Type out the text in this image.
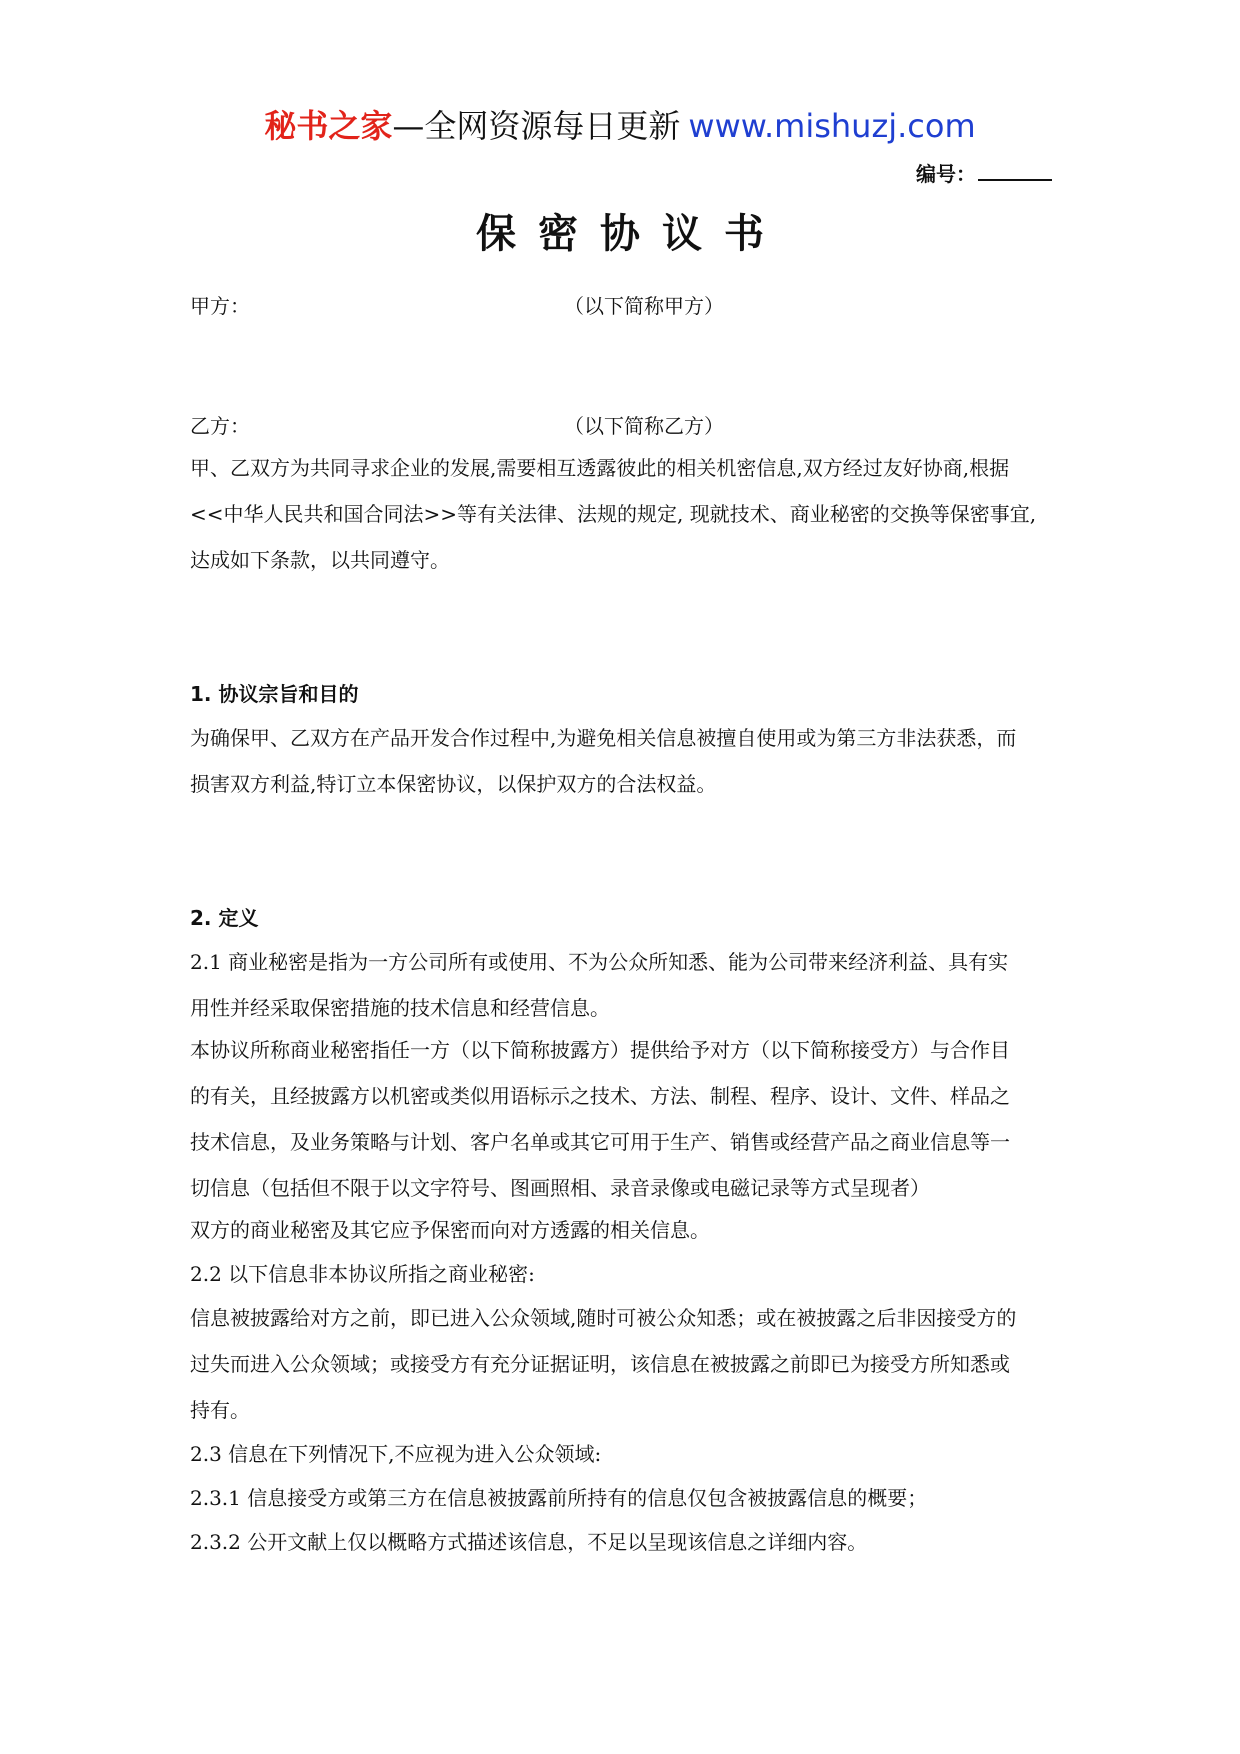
秘书之家—全网资源每日更新 www.mishuzj.com
编号：
保密协议书
甲方：	（以下简称甲方）
乙方：	（以下简称乙方）
甲、乙双方为共同寻求企业的发展,需要相互透露彼此的相关机密信息,双方经过友好协商,根据
<<中华人民共和国合同法>>等有关法律、法规的规定, 现就技术、商业秘密的交换等保密事宜,
达成如下条款，以共同遵守。
1. 协议宗旨和目的
为确保甲、乙双方在产品开发合作过程中,为避免相关信息被擅自使用或为第三方非法获悉，而
损害双方利益,特订立本保密协议，以保护双方的合法权益。
2. 定义
2.1 商业秘密是指为一方公司所有或使用、不为公众所知悉、能为公司带来经济利益、具有实
用性并经采取保密措施的技术信息和经营信息。
本协议所称商业秘密指任一方（以下简称披露方）提供给予对方（以下简称接受方）与合作目
的有关，且经披露方以机密或类似用语标示之技术、方法、制程、程序、设计、文件、样品之
技术信息，及业务策略与计划、客户名单或其它可用于生产、销售或经营产品之商业信息等一
切信息（包括但不限于以文字符号、图画照相、录音录像或电磁记录等方式呈现者）
双方的商业秘密及其它应予保密而向对方透露的相关信息。
2.2 以下信息非本协议所指之商业秘密:
信息被披露给对方之前，即已进入公众领域,随时可被公众知悉；或在被披露之后非因接受方的
过失而进入公众领域；或接受方有充分证据证明，该信息在被披露之前即已为接受方所知悉或
持有。
2.3 信息在下列情况下,不应视为进入公众领域:
2.3.1 信息接受方或第三方在信息被披露前所持有的信息仅包含被披露信息的概要；
2.3.2 公开文献上仅以概略方式描述该信息，不足以呈现该信息之详细内容。
